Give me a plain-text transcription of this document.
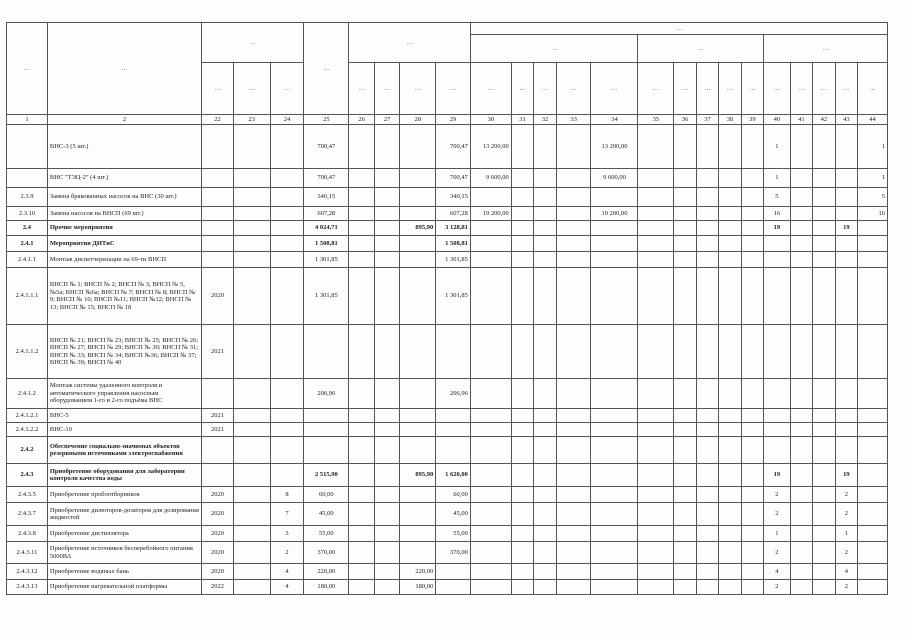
…	…	…			…	…				…														
										…					…					…				
		…	…	…		…	…	…	…	…	…	…	…	…	…	…	…	…	…	…	…	…	…	…
1	2	22	23	24	25	26	27	28	29	30	31	32	33	34	35	36	37	38	39	40	41	42	43	44
	ВНС-3 (5 шт.)				700,47				700,47	13 200,00				13 200,00						1				1
	ВНС "ТЭЦ-2" (4 шт.)				700,47				700,47	9 600,00				9 600,00						1				1
2.3.9	Замена бракованных насосов на ВНС (30 шт.)				340,15				340,15											5				5
2.3.10	Замена насосов на ВНСП (69 шт.)				607,28				607,28	19 200,00				19 200,00						16				16
2.4	Прочие мероприятия				4 024,71			895,90	3 128,81											19			19	
2.4.1	Мероприятия ДИТиС				1 508,81				1 508,81															
2.4.1.1	Монтаж диспетчеризации на 69-ти ВНСП				1 301,85				1 301,85															
2.4.1.1.1	ВНСП № 1; ВНСП № 2; ВНСП № 3; ВНСП № 5, №5а; ВНСП №6а; ВНСП № 7; ВНСП № 8; ВНСП № 9; ВНСП № 10; ВНСП №11; ВНСП №12; ВНСП № 13; ВНСП № 15; ВНСП № 18	2020			1 301,85				1 301,85															
2.4.1.1.2	ВНСП № 21; ВНСП № 23; ВНСП № 25; ВНСП № 26; ВНСП № 27; ВНСП № 29; ВНСП № 30; ВНСП № 31; ВНСП № 33; ВНСП № 34; ВНСП №36; ВНСП № 37; ВНСП № 39; ВНСП № 40	2021																						
2.4.1.2	Монтаж системы удаленного контроля и автоматического управления насосным оборудованием 1-го и 2-го подъёма ВНС				206,96				206,96															
2.4.1.2.1	ВНС-5	2021																						
2.4.1.2.2	ВНС-10	2021																						
2.4.2	Обеспечение социально-значимых объектов резервными источниками электроснабжения																							
2.4.3	Приобретение оборудования для лаборатории контроля качества воды				2 515,90			895,90	1 620,00											19			19	
2.4.3.5	Приобретение пробоотборников	2020		8	60,00				60,00											2			2	
2.4.3.7	Приобретение дилюторов-дозаторов для дозирования жидкостей	2020		7	45,00				45,00											2			2	
2.4.3.8	Приобретение дистиллятора	2020		3	55,00				55,00											1			1	
2.4.3.11	Приобретение источников бесперебойного питания 5000ВА	2020		2	370,00				370,00											2			2	
2.4.3.12	Приобретение водяных бань	2020		4	220,00			220,00												4			4	
2.4.3.13	Приобретение нагревательной платформы	2022		4	180,00			180,00												2			2	
